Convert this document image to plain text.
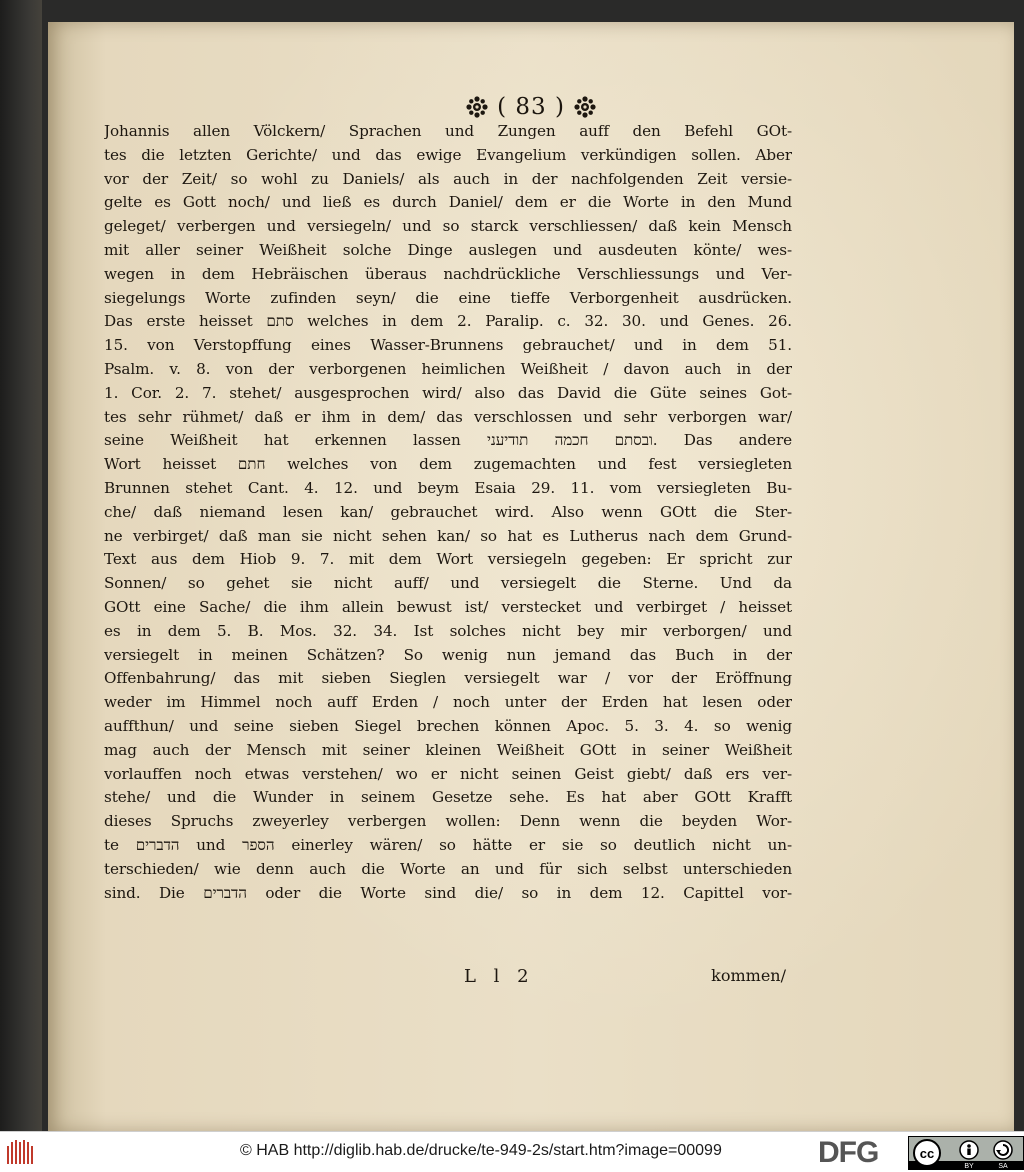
( 83 )
Johannis allen Völckern/ Sprachen und Zungen auff den Befehl GOt-
tes die letzten Gerichte/ und das ewige Evangelium verkündigen sollen. Aber
vor der Zeit/ so wohl zu Daniels/ als auch in der nachfolgenden Zeit versie-
gelte es Gott noch/ und ließ es durch Daniel/ dem er die Worte in den Mund
geleget/ verbergen und versiegeln/ und so starck verschliessen/ daß kein Mensch
mit aller seiner Weißheit solche Dinge auslegen und ausdeuten könte/ wes-
wegen in dem Hebräischen überaus nachdrückliche Verschliessungs und Ver-
siegelungs Worte zufinden seyn/ die eine tieffe Verborgenheit ausdrücken.
Das erste heisset סתם welches in dem 2. Paralip. c. 32. 30. und Genes. 26.
15. von Verstopffung eines Wasser-Brunnens gebrauchet/ und in dem 51.
Psalm. v. 8. von der verborgenen heimlichen Weißheit / davon auch in der
1. Cor. 2. 7. stehet/ ausgesprochen wird/ also das David die Güte seines Got-
tes sehr rühmet/ daß er ihm in dem/ das verschlossen und sehr verborgen war/
seine Weißheit hat erkennen lassen ובסתם חכמה תודיעני. Das andere
Wort heisset חתם welches von dem zugemachten und fest versiegleten
Brunnen stehet Cant. 4. 12. und beym Esaia 29. 11. vom versiegleten Bu-
che/ daß niemand lesen kan/ gebrauchet wird. Also wenn GOtt die Ster-
ne verbirget/ daß man sie nicht sehen kan/ so hat es Lutherus nach dem Grund-
Text aus dem Hiob 9. 7. mit dem Wort versiegeln gegeben: Er spricht zur
Sonnen/ so gehet sie nicht auff/ und versiegelt die Sterne. Und da
GOtt eine Sache/ die ihm allein bewust ist/ verstecket und verbirget / heisset
es in dem 5. B. Mos. 32. 34. Ist solches nicht bey mir verborgen/ und
versiegelt in meinen Schätzen? So wenig nun jemand das Buch in der
Offenbahrung/ das mit sieben Sieglen versiegelt war / vor der Eröffnung
weder im Himmel noch auff Erden / noch unter der Erden hat lesen oder
auffthun/ und seine sieben Siegel brechen können Apoc. 5. 3. 4. so wenig
mag auch der Mensch mit seiner kleinen Weißheit GOtt in seiner Weißheit
vorlauffen noch etwas verstehen/ wo er nicht seinen Geist giebt/ daß ers ver-
stehe/ und die Wunder in seinem Gesetze sehe. Es hat aber GOtt Krafft
dieses Spruchs zweyerley verbergen wollen: Denn wenn die beyden Wor-
te הדברים und הספר einerley wären/ so hätte er sie so deutlich nicht un-
terschieden/ wie denn auch die Worte an und für sich selbst unterschieden
sind. Die הדברים oder die Worte sind die/ so in dem 12. Capittel vor-
L l 2	kommen/
© HAB http://diglib.hab.de/drucke/te-949-2s/start.htm?image=00099	DFG	cc
BY	SA
